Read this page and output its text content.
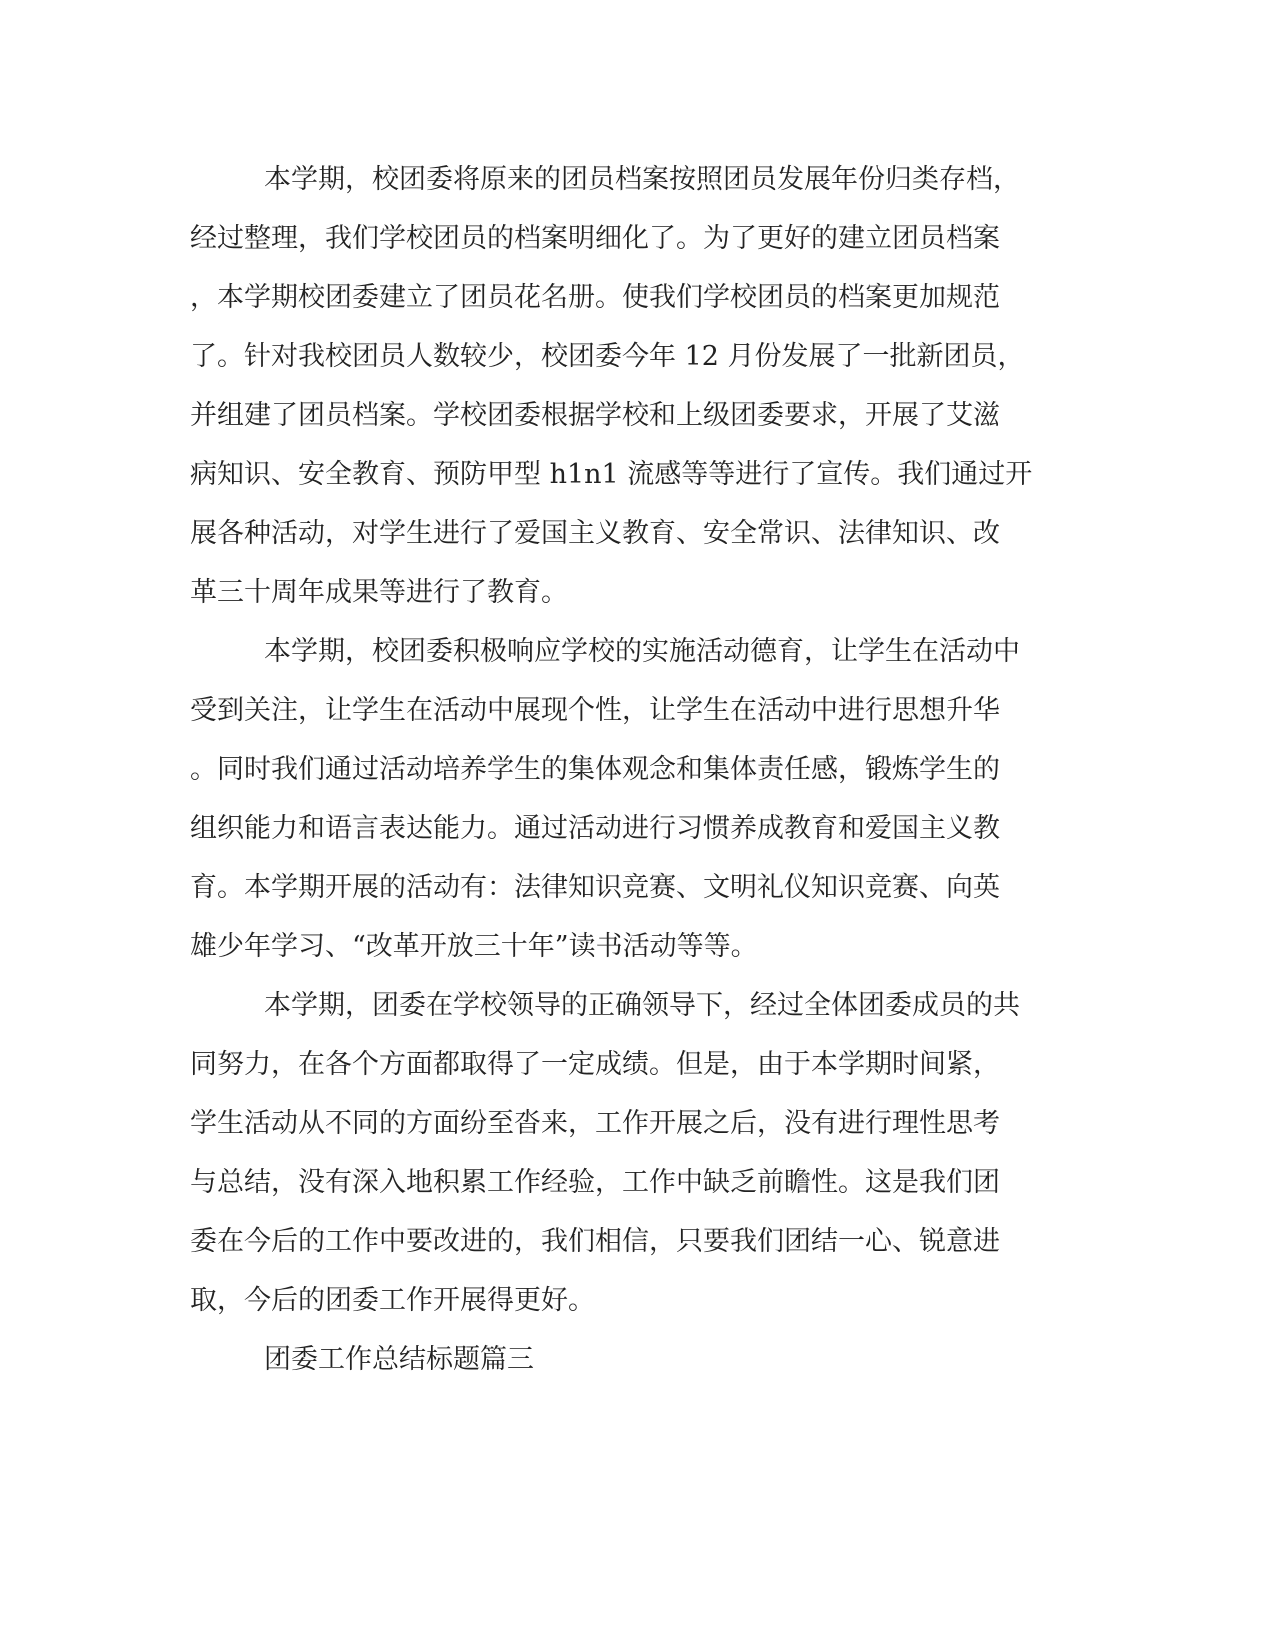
本学期，校团委将原来的团员档案按照团员发展年份归类存档，
经过整理，我们学校团员的档案明细化了。为了更好的建立团员档案
，本学期校团委建立了团员花名册。使我们学校团员的档案更加规范
了。针对我校团员人数较少，校团委今年 12 月份发展了一批新团员，
并组建了团员档案。学校团委根据学校和上级团委要求，开展了艾滋
病知识、安全教育、预防甲型 h1n1 流感等等进行了宣传。我们通过开
展各种活动，对学生进行了爱国主义教育、安全常识、法律知识、改
革三十周年成果等进行了教育。
本学期，校团委积极响应学校的实施活动德育，让学生在活动中
受到关注，让学生在活动中展现个性，让学生在活动中进行思想升华
。同时我们通过活动培养学生的集体观念和集体责任感，锻炼学生的
组织能力和语言表达能力。通过活动进行习惯养成教育和爱国主义教
育。本学期开展的活动有：法律知识竞赛、文明礼仪知识竞赛、向英
雄少年学习、“改革开放三十年”读书活动等等。
本学期，团委在学校领导的正确领导下，经过全体团委成员的共
同努力，在各个方面都取得了一定成绩。但是，由于本学期时间紧，
学生活动从不同的方面纷至沓来，工作开展之后，没有进行理性思考
与总结，没有深入地积累工作经验，工作中缺乏前瞻性。这是我们团
委在今后的工作中要改进的，我们相信，只要我们团结一心、锐意进
取，今后的团委工作开展得更好。
团委工作总结标题篇三
